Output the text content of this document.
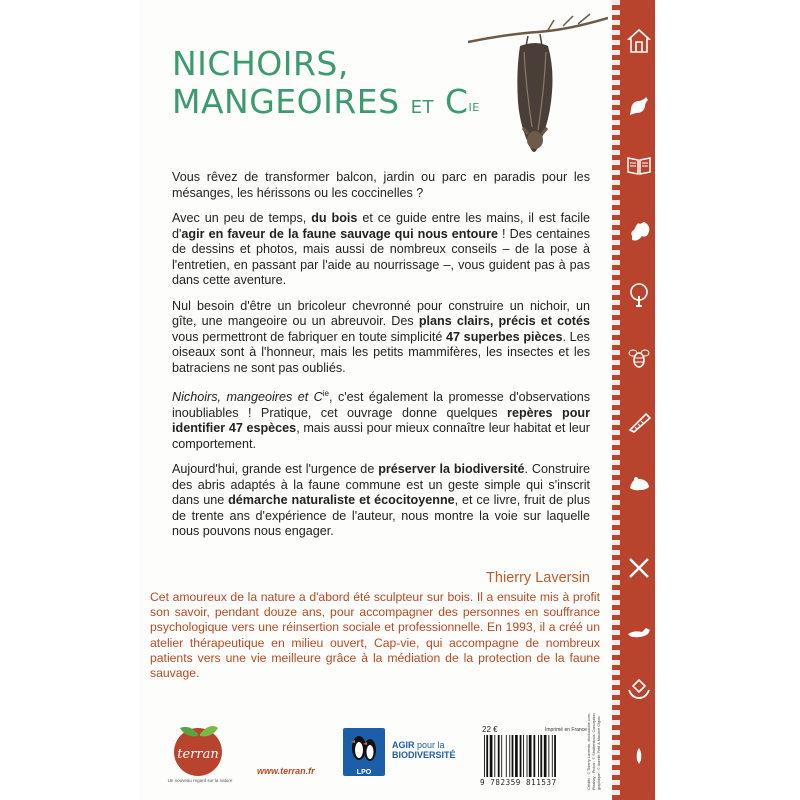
NICHOIRS,
MANGEOIRES ET $C^{IE}$

Vous rêvez de transformer balcon, jardin ou parc en paradis pour les mésanges, les hérissons ou les coccinelles ?

Avec un peu de temps, du bois et ce guide entre les mains, il est facile d'agir en faveur de la faune sauvage qui nous entoure ! Des centaines de dessins et photos, mais aussi de nombreux conseils – de la pose à l'entretien, en passant par l'aide au nourrissage –, vous guident pas à pas dans cette aventure.

Nul besoin d'être un bricoleur chevronné pour construire un nichoir, un gîte, une mangeoire ou un abreuvoir. Des plans clairs, précis et cotés vous permettront de fabriquer en toute simplicité 47 superbes pièces. Les oiseaux sont à l'honneur, mais les petits mammifères, les insectes et les batraciens ne sont pas oubliés.

Nichoirs, mangeoires et $C^{ie}$, c'est également la promesse d'observations inoubliables ! Pratique, cet ouvrage donne quelques repères pour identifier 47 espèces, mais aussi pour mieux connaître leur habitat et leur comportement.

Aujourd'hui, grande est l'urgence de préserver la biodiversité. Construire des abris adaptés à la faune commune est un geste simple qui s'inscrit dans une démarche naturaliste et écocitoyenne, et ce livre, fruit de plus de trente ans d'expérience de l'auteur, nous montre la voie sur laquelle nous pouvons nous engager.

Thierry Laversin

Cet amoureux de la nature a d'abord été sculpteur sur bois. Il a ensuite mis à profit son savoir, pendant douze ans, pour accompagner des personnes en souffrance psychologique vers une réinsertion sociale et professionnelle. En 1993, il a créé un atelier thérapeutique en milieu ouvert, Cap-vie, qui accompagne de nombreux patients vers une vie meilleure grâce à la médiation de la protection de la faune sauvage.

terran
Un nouveau regard sur la nature
www.terran.fr	LPO
AGIR pour la
BIODIVERSITÉ
22 €	Imprimé en France
9 782359 811537	Crédits : © Thierry Laversin, stockadobe.com, Pixabay - Pictos : © Shutterstock. Conception graphique : © Aurélie Petit & Maxime Gigoix
